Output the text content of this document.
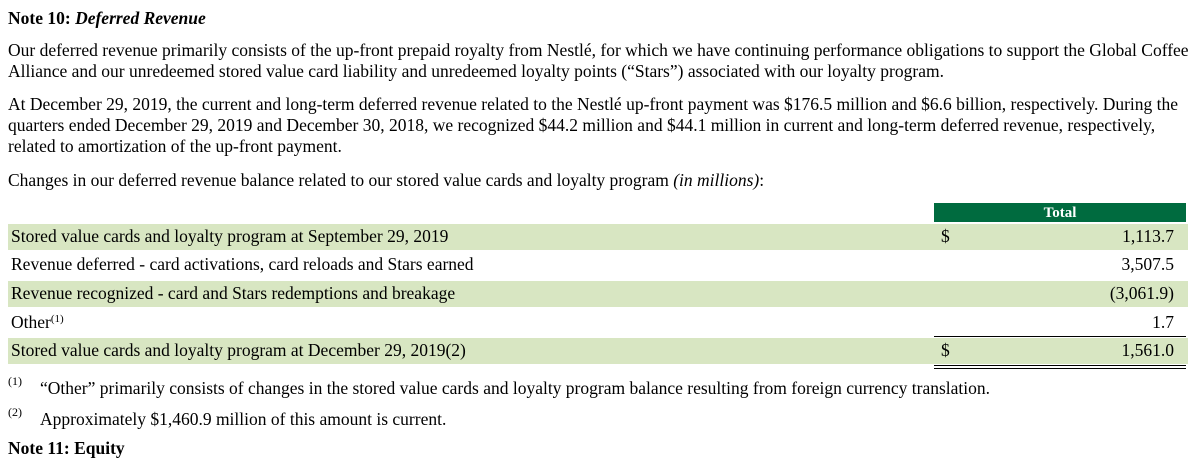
Note 10: Deferred Revenue
Our deferred revenue primarily consists of the up-front prepaid royalty from Nestlé, for which we have continuing performance obligations to support the Global Coffee Alliance and our unredeemed stored value card liability and unredeemed loyalty points (“Stars”) associated with our loyalty program.
At December 29, 2019, the current and long-term deferred revenue related to the Nestlé up-front payment was $176.5 million and $6.6 billion, respectively. During the quarters ended December 29, 2019 and December 30, 2018, we recognized $44.2 million and $44.1 million in current and long-term deferred revenue, respectively, related to amortization of the up-front payment.
Changes in our deferred revenue balance related to our stored value cards and loyalty program (in millions):
Total
Stored value cards and loyalty program at September 29, 2019	$	1,113.7
Revenue deferred - card activations, card reloads and Stars earned	3,507.5
Revenue recognized - card and Stars redemptions and breakage	(3,061.9)
Other$^{(1)}$	1.7
Stored value cards and loyalty program at December 29, 2019(2)	$	1,561.0
(1) “Other” primarily consists of changes in the stored value cards and loyalty program balance resulting from foreign currency translation.
(2) Approximately $1,460.9 million of this amount is current.
Note 11: Equity
